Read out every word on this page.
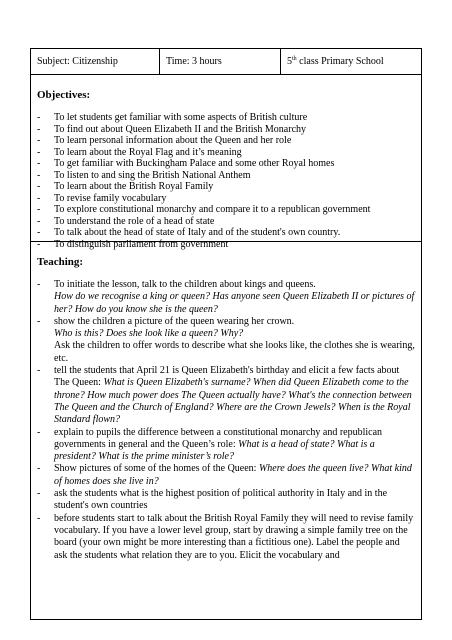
Subject: Citizenship	Time: 3 hours	5th class Primary School
Objectives:
-	To let students get familiar with some aspects of British culture
-	To find out about Queen Elizabeth II and the British Monarchy
-	To learn personal information about the Queen and her role
-	To learn about the Royal Flag and it’s meaning
-	To get familiar with Buckingham Palace and some other Royal homes
-	To listen to and sing the British National Anthem
-	To learn about the British Royal Family
-	To revise family vocabulary
-	To explore constitutional monarchy and compare it to a republican government
-	To understand the role of a head of state
-	To talk about the head of state of Italy and of the student's own country.
-	To distinguish parliament from government
Teaching:
-	To initiate the lesson, talk to the children about kings and queens.
How do we recognise a king or queen? Has anyone seen Queen Elizabeth II or pictures of her? How do you know she is the queen?
-	show the children a picture of the queen wearing her crown.
Who is this? Does she look like a queen? Why?
Ask the children to offer words to describe what she looks like, the clothes she is wearing, etc.
-	tell the students that April 21 is Queen Elizabeth's birthday and elicit a few facts about The Queen: What is Queen Elizabeth's surname? When did Queen Elizabeth come to the throne? How much power does The Queen actually have? What's the connection between The Queen and the Church of England? Where are the Crown Jewels? When is the Royal Standard flown?
-	explain to pupils the difference between a constitutional monarchy and republican governments in general and the Queen’s role: What is a head of state? What is a president? What is the prime minister’s role?
-	Show pictures of some of the homes of the Queen: Where does the queen live? What kind of homes does she live in?
-	ask the students what is the highest position of political authority in Italy and in the student's own countries
-	before students start to talk about the British Royal Family they will need to revise family vocabulary. If you have a lower level group, start by drawing a simple family tree on the board (your own might be more interesting than a fictitious one). Label the people and ask the students what relation they are to you. Elicit the vocabulary and
